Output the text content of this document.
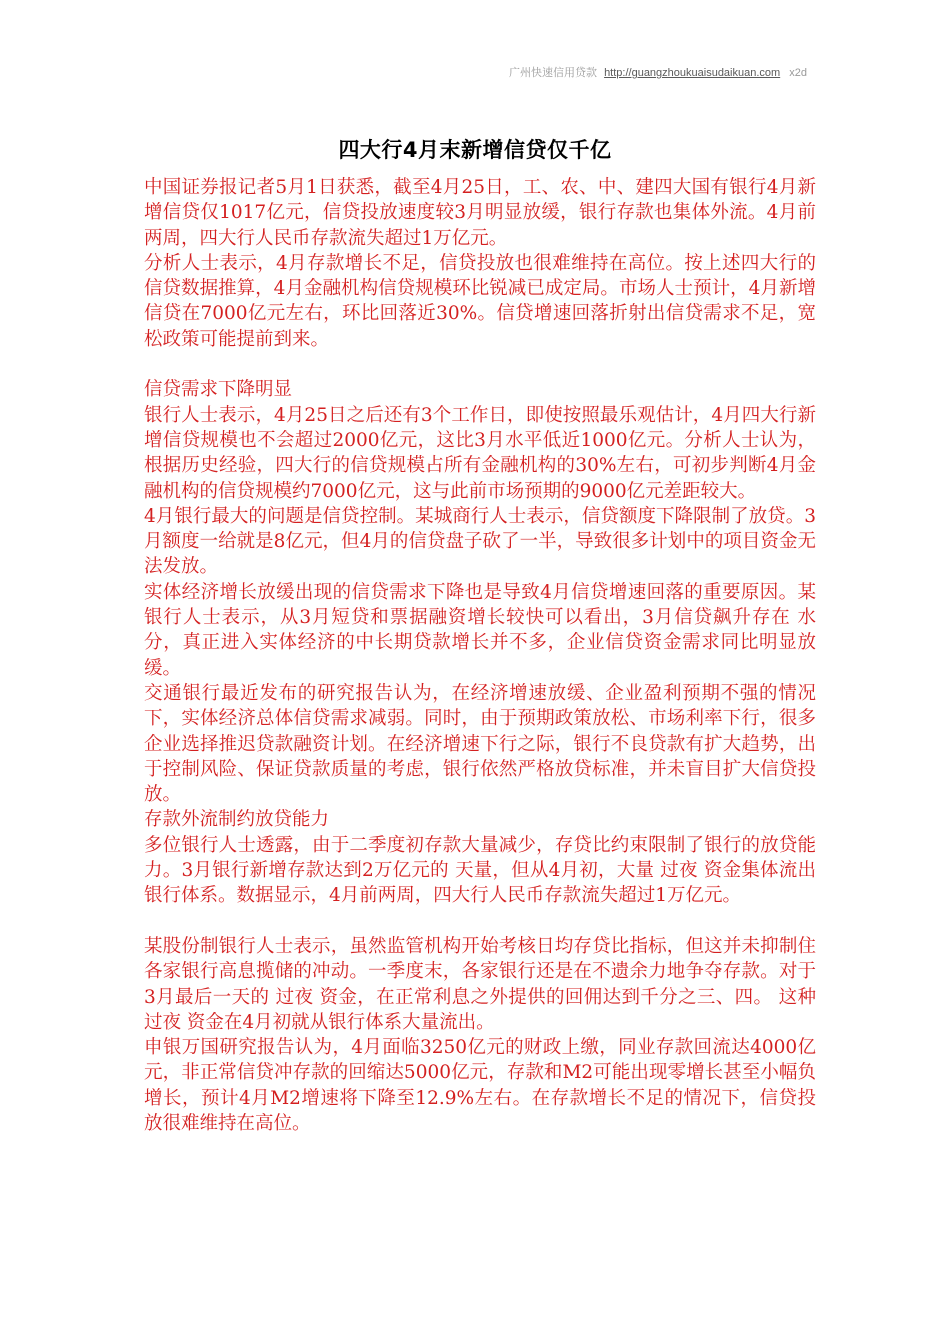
广州快速信用贷款 http://guangzhoukuaisudaikuan.com x2d
四大行4月末新增信贷仅千亿

中国证券报记者5月1日获悉，截至4月25日，工、农、中、建四大国有银行4月新增信贷仅1017亿元，信贷投放速度较3月明显放缓，银行存款也集体外流。4月前两周，四大行人民币存款流失超过1万亿元。

分析人士表示，4月存款增长不足，信贷投放也很难维持在高位。按上述四大行的信贷数据推算，4月金融机构信贷规模环比锐减已成定局。市场人士预计，4月新增信贷在7000亿元左右，环比回落近30%。信贷增速回落折射出信贷需求不足，宽松政策可能提前到来。

信贷需求下降明显

银行人士表示，4月25日之后还有3个工作日，即使按照最乐观估计，4月四大行新增信贷规模也不会超过2000亿元，这比3月水平低近1000亿元。分析人士认为，根据历史经验，四大行的信贷规模占所有金融机构的30%左右，可初步判断4月金融机构的信贷规模约7000亿元，这与此前市场预期的9000亿元差距较大。

4月银行最大的问题是信贷控制。某城商行人士表示，信贷额度下降限制了放贷。3月额度一给就是8亿元，但4月的信贷盘子砍了一半，导致很多计划中的项目资金无法发放。

实体经济增长放缓出现的信贷需求下降也是导致4月信贷增速回落的重要原因。某银行人士表示，从3月短贷和票据融资增长较快可以看出，3月信贷飙升存在 水分，真正进入实体经济的中长期贷款增长并不多，企业信贷资金需求同比明显放缓。

交通银行最近发布的研究报告认为，在经济增速放缓、企业盈利预期不强的情况下，实体经济总体信贷需求减弱。同时，由于预期政策放松、市场利率下行，很多企业选择推迟贷款融资计划。在经济增速下行之际，银行不良贷款有扩大趋势，出于控制风险、保证贷款质量的考虑，银行依然严格放贷标准，并未盲目扩大信贷投放。

存款外流制约放贷能力

多位银行人士透露，由于二季度初存款大量减少，存贷比约束限制了银行的放贷能力。3月银行新增存款达到2万亿元的 天量，但从4月初，大量 过夜 资金集体流出银行体系。数据显示，4月前两周，四大行人民币存款流失超过1万亿元。

某股份制银行人士表示，虽然监管机构开始考核日均存贷比指标，但这并未抑制住各家银行高息揽储的冲动。一季度末，各家银行还是在不遗余力地争夺存款。对于3月最后一天的 过夜 资金，在正常利息之外提供的回佣达到千分之三、四。 这种 过夜 资金在4月初就从银行体系大量流出。

申银万国研究报告认为，4月面临3250亿元的财政上缴，同业存款回流达4000亿元，非正常信贷冲存款的回缩达5000亿元，存款和M2可能出现零增长甚至小幅负增长，预计4月M2增速将下降至12.9%左右。在存款增长不足的情况下，信贷投放很难维持在高位。
